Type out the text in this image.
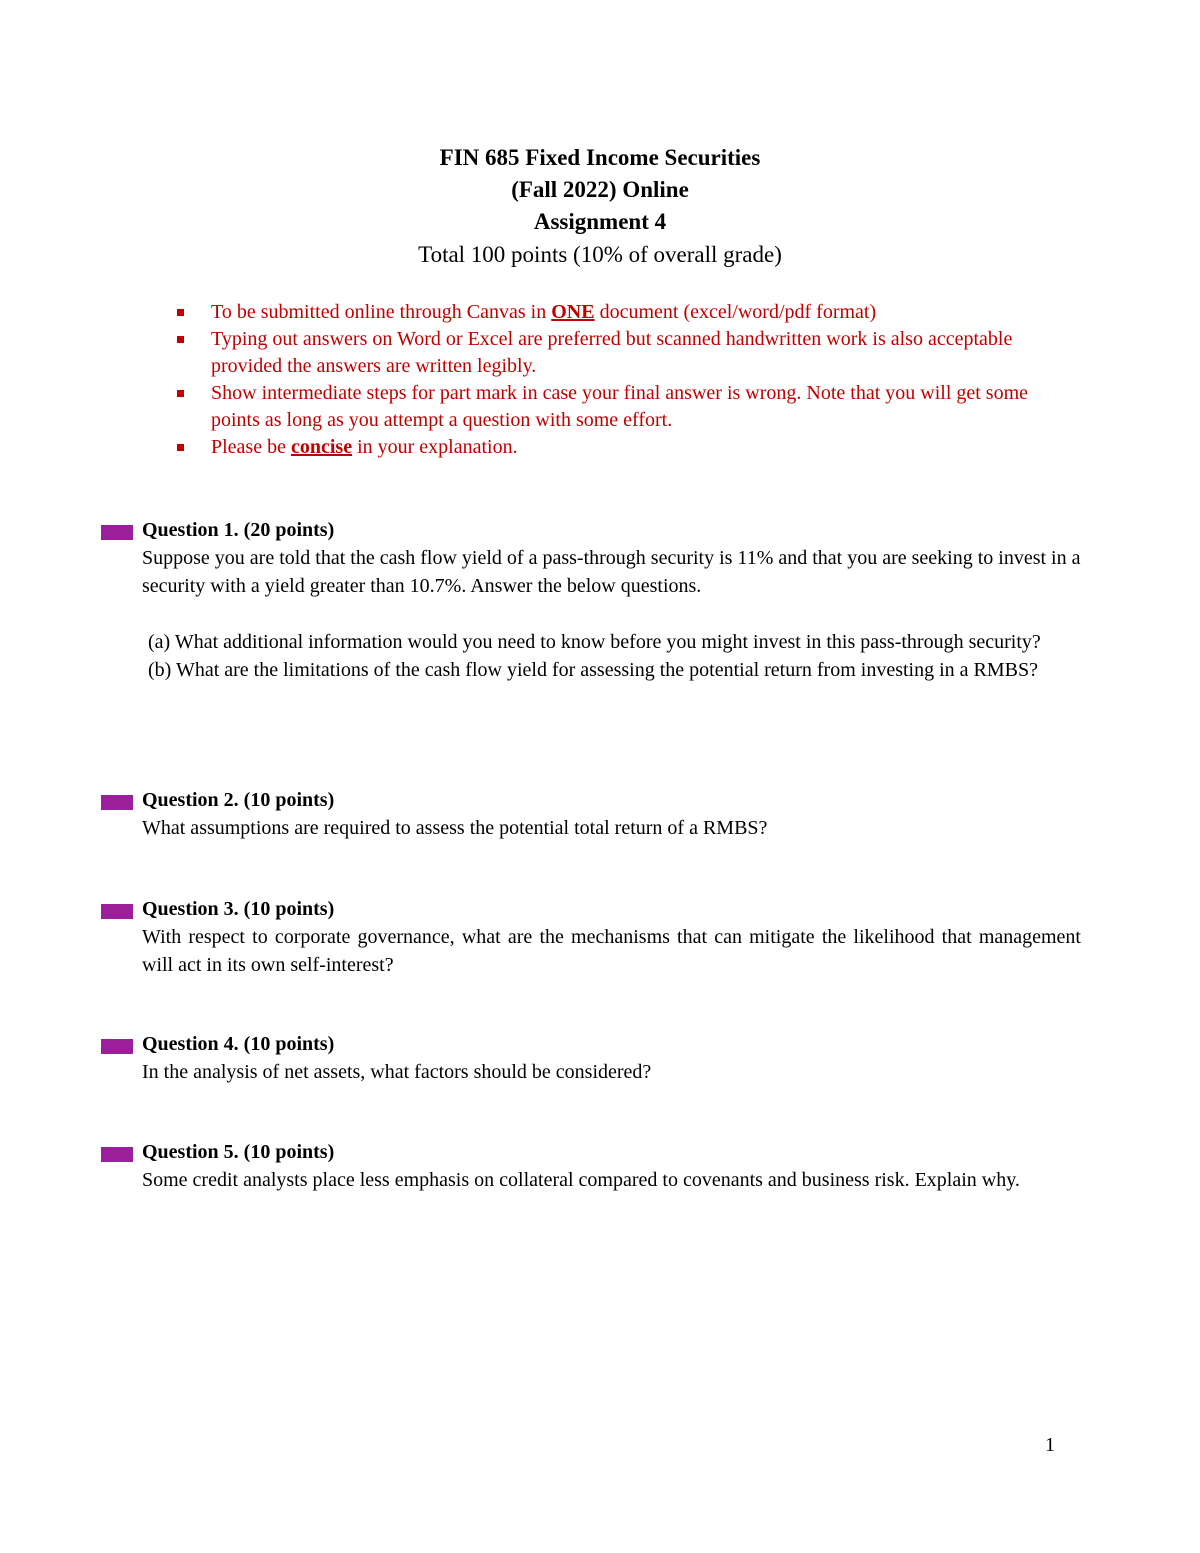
FIN 685 Fixed Income Securities
(Fall 2022) Online
Assignment 4
Total 100 points (10% of overall grade)
To be submitted online through Canvas in ONE document (excel/word/pdf format)
Typing out answers on Word or Excel are preferred but scanned handwritten work is also acceptable provided the answers are written legibly.
Show intermediate steps for part mark in case your final answer is wrong. Note that you will get some points as long as you attempt a question with some effort.
Please be concise in your explanation.
Question 1. (20 points)

Suppose you are told that the cash flow yield of a pass-through security is 11% and that you are seeking to invest in a security with a yield greater than 10.7%. Answer the below questions.

(a) What additional information would you need to know before you might invest in this pass-through security?

(b) What are the limitations of the cash flow yield for assessing the potential return from investing in a RMBS?

Question 2. (10 points)

What assumptions are required to assess the potential total return of a RMBS?

Question 3. (10 points)

With respect to corporate governance, what are the mechanisms that can mitigate the likelihood that management will act in its own self-interest?

Question 4. (10 points)

In the analysis of net assets, what factors should be considered?

Question 5. (10 points)

Some credit analysts place less emphasis on collateral compared to covenants and business risk. Explain why.

1
